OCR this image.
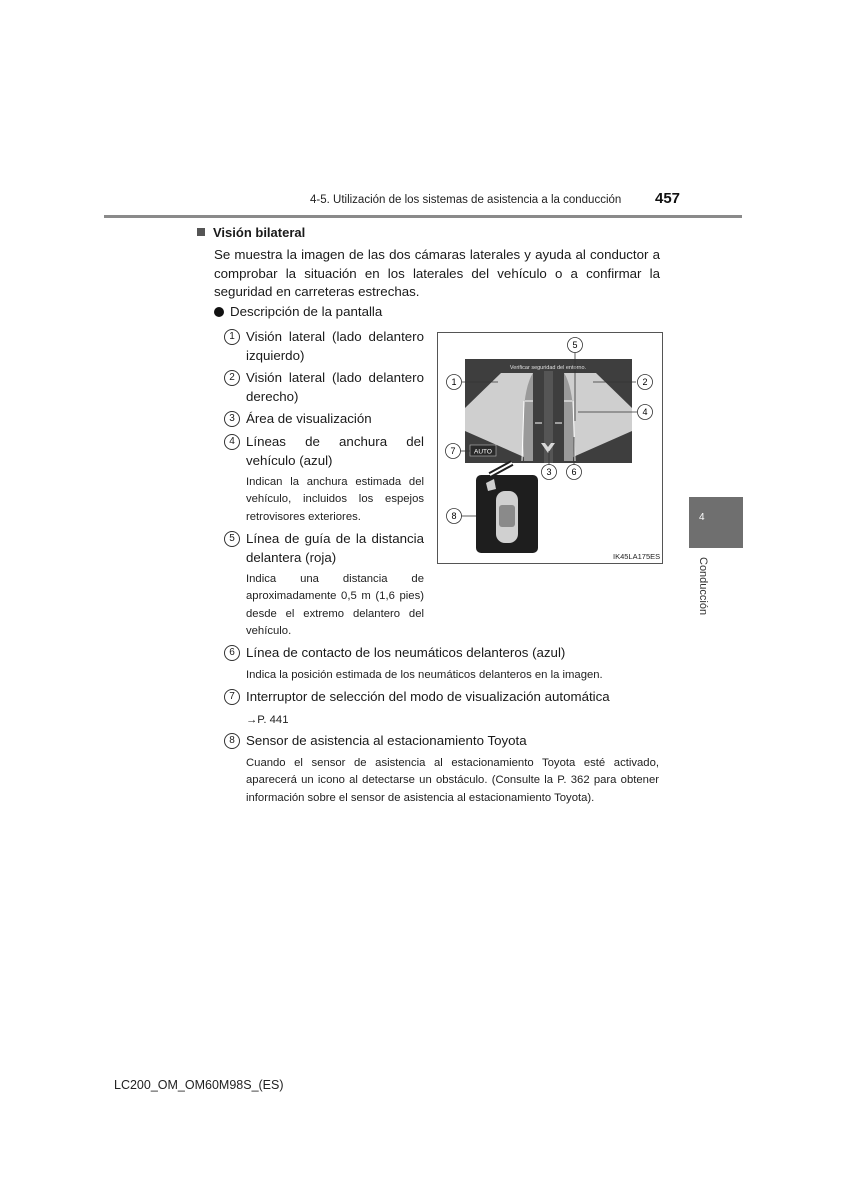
4-5. Utilización de los sistemas de asistencia a la conducción 457
4
Conducción
Visión bilateral
Se muestra la imagen de las dos cámaras laterales y ayuda al conductor a comprobar la situación en los laterales del vehículo o a confirmar la seguridad en carreteras estrechas.
Descripción de la pantalla
1 Visión lateral (lado delantero izquierdo)
2 Visión lateral (lado delantero derecho)
3 Área de visualización
4 Líneas de anchura del vehículo (azul)
Indican la anchura estimada del vehículo, incluidos los espejos retrovisores exteriores.
5 Línea de guía de la distancia delantera (roja)
Indica una distancia de aproximadamente 0,5 m (1,6 pies) desde el extremo delantero del vehículo.
6 Línea de contacto de los neumáticos delanteros (azul)
Indica la posición estimada de los neumáticos delanteros en la imagen.
7 Interruptor de selección del modo de visualización automática
→P. 441
8 Sensor de asistencia al estacionamiento Toyota
Cuando el sensor de asistencia al estacionamiento Toyota esté activado, aparecerá un icono al detectarse un obstáculo. (Consulte la P. 362 para obtener información sobre el sensor de asistencia al estacionamiento Toyota).
Verificar seguridad del entorno.
AUTO
1	2
3
4
5
6
7
8
IK45LA175ES
LC200_OM_OM60M98S_(ES)
